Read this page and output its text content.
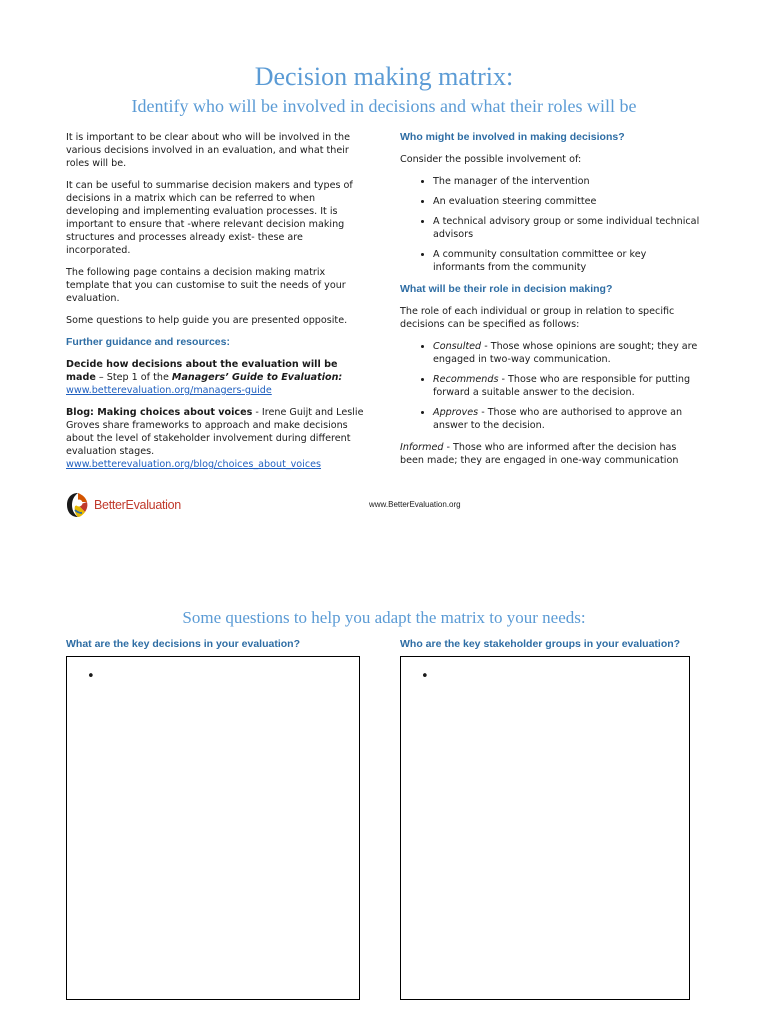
Decision making matrix:
Identify who will be involved in decisions and what their roles will be

It is important to be clear about who will be involved in the various decisions involved in an evaluation, and what their roles will be.

It can be useful to summarise decision makers and types of decisions in a matrix which can be referred to when developing and implementing evaluation processes. It is important to ensure that -where relevant decision making structures and processes already exist- these are incorporated.

The following page contains a decision making matrix template that you can customise to suit the needs of your evaluation.

Some questions to help guide you are presented opposite.

Further guidance and resources:

Decide how decisions about the evaluation will be made – Step 1 of the Managers’ Guide to Evaluation:
www.betterevaluation.org/managers-guide

Blog: Making choices about voices - Irene Guijt and Leslie Groves share frameworks to approach and make decisions about the level of stakeholder involvement during different evaluation stages.
www.betterevaluation.org/blog/choices_about_voices

Who might be involved in making decisions?

Consider the possible involvement of:

• The manager of the intervention
• An evaluation steering committee
• A technical advisory group or some individual technical advisors
• A community consultation committee or key informants from the community
What will be their role in decision making?

The role of each individual or group in relation to specific decisions can be specified as follows:

• Consulted - Those whose opinions are sought; they are engaged in two-way communication.
• Recommends - Those who are responsible for putting forward a suitable answer to the decision.
• Approves - Those who are authorised to approve an answer to the decision.

Informed - Those who are informed after the decision has been made; they are engaged in one-way communication

BetterEvaluation	www.BetterEvaluation.org
Some questions to help you adapt the matrix to your needs:
What are the key decisions in your evaluation?	Who are the key stakeholder groups in your evaluation?
•	•
